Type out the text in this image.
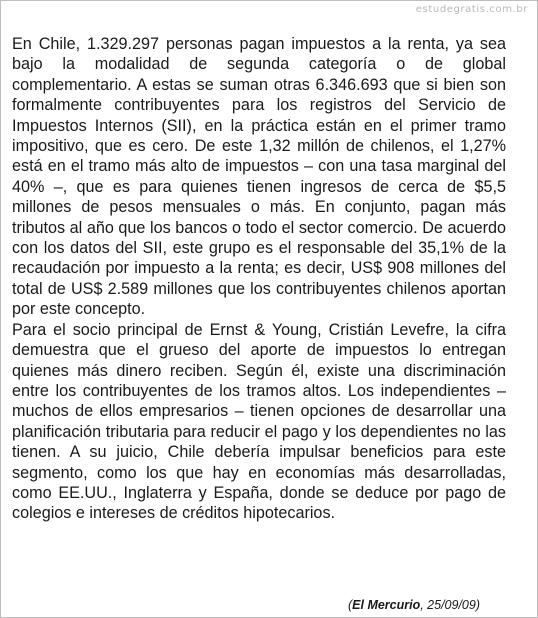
estudegratis.com.br

En Chile, 1.329.297 personas pagan impuestos a la renta, ya sea bajo la modalidad de segunda categoría o de global complementario. A estas se suman otras 6.346.693 que si bien son formalmente contribuyentes para los registros del Servicio de Impuestos Internos (SII), en la práctica están en el primer tramo impositivo, que es cero. De este 1,32 millón de chilenos, el 1,27% está en el tramo más alto de impuestos – con una tasa marginal del 40% –, que es para quienes tienen ingresos de cerca de $5,5 millones de pesos mensuales o más. En conjunto, pagan más tributos al año que los bancos o todo el sector comercio. De acuerdo con los datos del SII, este grupo es el responsable del 35,1% de la recaudación por impuesto a la renta; es decir, US$ 908 millones del total de US$ 2.589 millones que los contribuyentes chilenos aportan por este concepto.

Para el socio principal de Ernst & Young, Cristián Levefre, la cifra demuestra que el grueso del aporte de impuestos lo entregan quienes más dinero reciben. Según él, existe una discriminación entre los contribuyentes de los tramos altos. Los independientes – muchos de ellos empresarios – tienen opciones de desarrollar una planificación tributaria para reducir el pago y los dependientes no las tienen. A su juicio, Chile debería impulsar beneficios para este segmento, como los que hay en economías más desarrolladas, como EE.UU., Inglaterra y España, donde se deduce por pago de colegios e intereses de créditos hipotecarios.

(El Mercurio, 25/09/09)
